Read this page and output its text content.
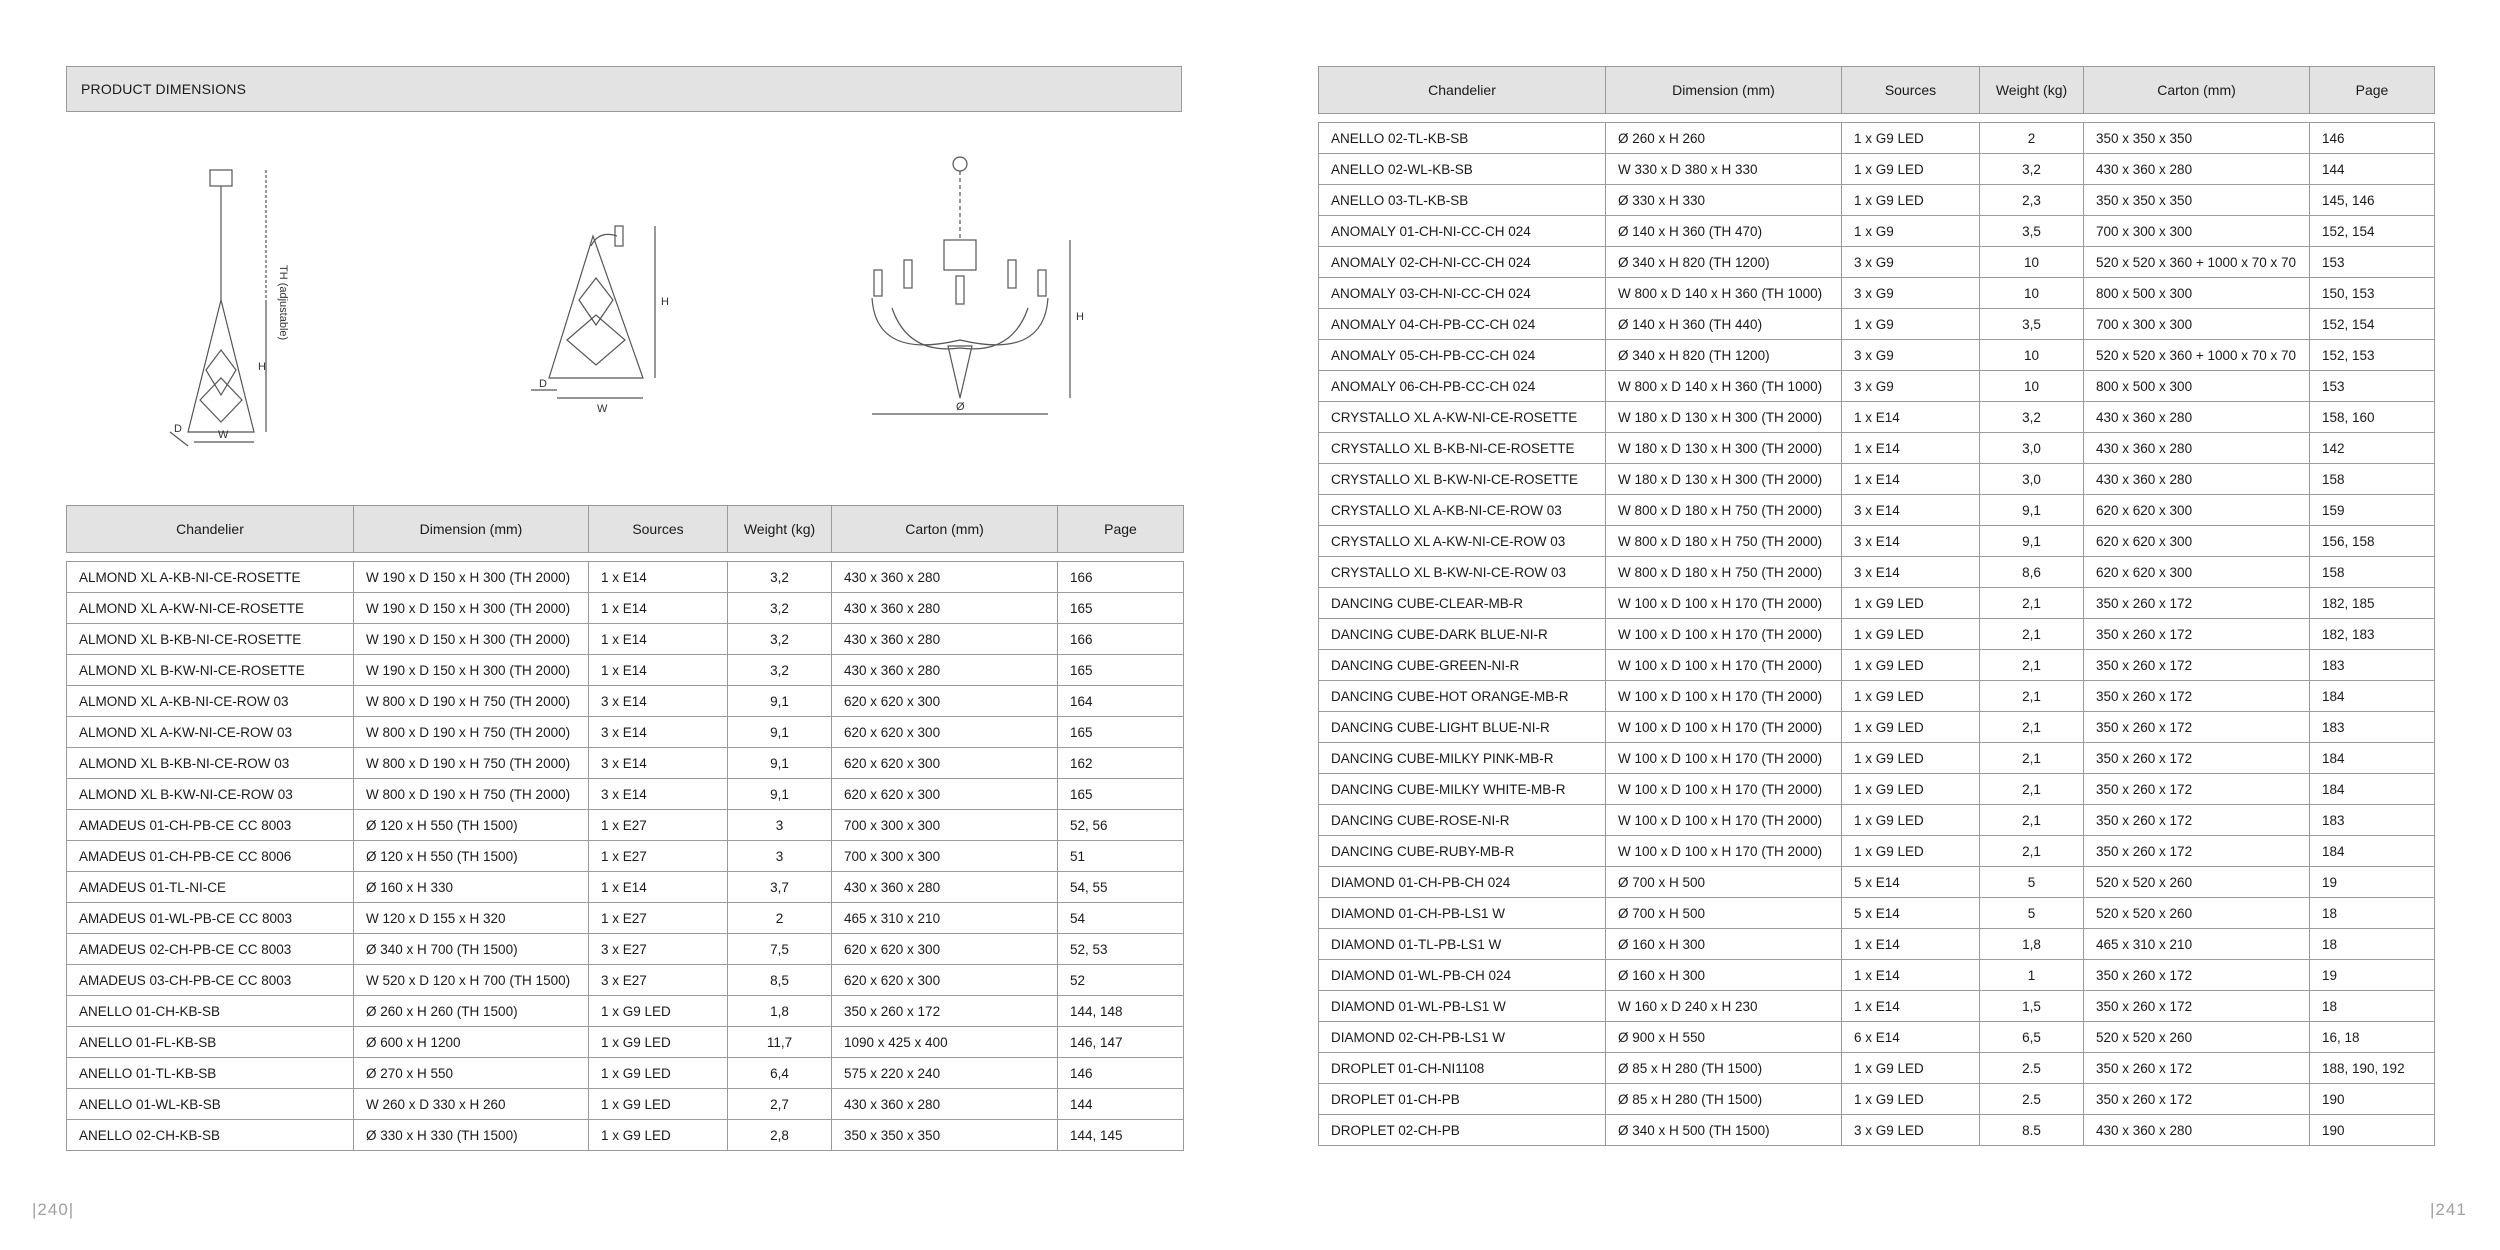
PRODUCT DIMENSIONS
TH (adjustable)
H
W
D
H
D
W
H
Ø
Chandelier	Dimension (mm)	Sources	Weight (kg)	Carton (mm)	Page

ALMOND XL A-KB-NI-CE-ROSETTE	W 190 x D 150 x H 300 (TH 2000)	1 x E14	3,2	430 x 360 x 280	166
ALMOND XL A-KW-NI-CE-ROSETTE	W 190 x D 150 x H 300 (TH 2000)	1 x E14	3,2	430 x 360 x 280	165
ALMOND XL B-KB-NI-CE-ROSETTE	W 190 x D 150 x H 300 (TH 2000)	1 x E14	3,2	430 x 360 x 280	166
ALMOND XL B-KW-NI-CE-ROSETTE	W 190 x D 150 x H 300 (TH 2000)	1 x E14	3,2	430 x 360 x 280	165
ALMOND XL A-KB-NI-CE-ROW 03	W 800 x D 190 x H 750 (TH 2000)	3 x E14	9,1	620 x 620 x 300	164
ALMOND XL A-KW-NI-CE-ROW 03	W 800 x D 190 x H 750 (TH 2000)	3 x E14	9,1	620 x 620 x 300	165
ALMOND XL B-KB-NI-CE-ROW 03	W 800 x D 190 x H 750 (TH 2000)	3 x E14	9,1	620 x 620 x 300	162
ALMOND XL B-KW-NI-CE-ROW 03	W 800 x D 190 x H 750 (TH 2000)	3 x E14	9,1	620 x 620 x 300	165
AMADEUS 01-CH-PB-CE CC 8003	Ø 120 x H 550 (TH 1500)	1 x E27	3	700 x 300 x 300	52, 56
AMADEUS 01-CH-PB-CE CC 8006	Ø 120 x H 550 (TH 1500)	1 x E27	3	700 x 300 x 300	51
AMADEUS 01-TL-NI-CE	Ø 160 x H 330	1 x E14	3,7	430 x 360 x 280	54, 55
AMADEUS 01-WL-PB-CE CC 8003	W 120 x D 155 x H 320	1 x E27	2	465 x 310 x 210	54
AMADEUS 02-CH-PB-CE CC 8003	Ø 340 x H 700 (TH 1500)	3 x E27	7,5	620 x 620 x 300	52, 53
AMADEUS 03-CH-PB-CE CC 8003	W 520 x D 120 x H 700 (TH 1500)	3 x E27	8,5	620 x 620 x 300	52
ANELLO 01-CH-KB-SB	Ø 260 x H 260 (TH 1500)	1 x G9 LED	1,8	350 x 260 x 172	144, 148
ANELLO 01-FL-KB-SB	Ø 600 x H 1200	1 x G9 LED	11,7	1090 x 425 x 400	146, 147
ANELLO 01-TL-KB-SB	Ø 270 x H 550	1 x G9 LED	6,4	575 x 220 x 240	146
ANELLO 01-WL-KB-SB	W 260 x D 330 x H 260	1 x G9 LED	2,7	430 x 360 x 280	144
ANELLO 02-CH-KB-SB	Ø 330 x H 330 (TH 1500)	1 x G9 LED	2,8	350 x 350 x 350	144, 145
Chandelier	Dimension (mm)	Sources	Weight (kg)	Carton (mm)	Page

ANELLO 02-TL-KB-SB	Ø 260 x H 260	1 x G9 LED	2	350 x 350 x 350	146
ANELLO 02-WL-KB-SB	W 330 x D 380 x H 330	1 x G9 LED	3,2	430 x 360 x 280	144
ANELLO 03-TL-KB-SB	Ø 330 x H 330	1 x G9 LED	2,3	350 x 350 x 350	145, 146
ANOMALY 01-CH-NI-CC-CH 024	Ø 140 x H 360 (TH 470)	1 x G9	3,5	700 x 300 x 300	152, 154
ANOMALY 02-CH-NI-CC-CH 024	Ø 340 x H 820 (TH 1200)	3 x G9	10	520 x 520 x 360 + 1000 x 70 x 70	153
ANOMALY 03-CH-NI-CC-CH 024	W 800 x D 140 x H 360 (TH 1000)	3 x G9	10	800 x 500 x 300	150, 153
ANOMALY 04-CH-PB-CC-CH 024	Ø 140 x H 360 (TH 440)	1 x G9	3,5	700 x 300 x 300	152, 154
ANOMALY 05-CH-PB-CC-CH 024	Ø 340 x H 820 (TH 1200)	3 x G9	10	520 x 520 x 360 + 1000 x 70 x 70	152, 153
ANOMALY 06-CH-PB-CC-CH 024	W 800 x D 140 x H 360 (TH 1000)	3 x G9	10	800 x 500 x 300	153
CRYSTALLO XL A-KW-NI-CE-ROSETTE	W 180 x D 130 x H 300 (TH 2000)	1 x E14	3,2	430 x 360 x 280	158, 160
CRYSTALLO XL B-KB-NI-CE-ROSETTE	W 180 x D 130 x H 300 (TH 2000)	1 x E14	3,0	430 x 360 x 280	142
CRYSTALLO XL B-KW-NI-CE-ROSETTE	W 180 x D 130 x H 300 (TH 2000)	1 x E14	3,0	430 x 360 x 280	158
CRYSTALLO XL A-KB-NI-CE-ROW 03	W 800 x D 180 x H 750 (TH 2000)	3 x E14	9,1	620 x 620 x 300	159
CRYSTALLO XL A-KW-NI-CE-ROW 03	W 800 x D 180 x H 750 (TH 2000)	3 x E14	9,1	620 x 620 x 300	156, 158
CRYSTALLO XL B-KW-NI-CE-ROW 03	W 800 x D 180 x H 750 (TH 2000)	3 x E14	8,6	620 x 620 x 300	158
DANCING CUBE-CLEAR-MB-R	W 100 x D 100 x H 170 (TH 2000)	1 x G9 LED	2,1	350 x 260 x 172	182, 185
DANCING CUBE-DARK BLUE-NI-R	W 100 x D 100 x H 170 (TH 2000)	1 x G9 LED	2,1	350 x 260 x 172	182, 183
DANCING CUBE-GREEN-NI-R	W 100 x D 100 x H 170 (TH 2000)	1 x G9 LED	2,1	350 x 260 x 172	183
DANCING CUBE-HOT ORANGE-MB-R	W 100 x D 100 x H 170 (TH 2000)	1 x G9 LED	2,1	350 x 260 x 172	184
DANCING CUBE-LIGHT BLUE-NI-R	W 100 x D 100 x H 170 (TH 2000)	1 x G9 LED	2,1	350 x 260 x 172	183
DANCING CUBE-MILKY PINK-MB-R	W 100 x D 100 x H 170 (TH 2000)	1 x G9 LED	2,1	350 x 260 x 172	184
DANCING CUBE-MILKY WHITE-MB-R	W 100 x D 100 x H 170 (TH 2000)	1 x G9 LED	2,1	350 x 260 x 172	184
DANCING CUBE-ROSE-NI-R	W 100 x D 100 x H 170 (TH 2000)	1 x G9 LED	2,1	350 x 260 x 172	183
DANCING CUBE-RUBY-MB-R	W 100 x D 100 x H 170 (TH 2000)	1 x G9 LED	2,1	350 x 260 x 172	184
DIAMOND 01-CH-PB-CH 024	Ø 700 x H 500	5 x E14	5	520 x 520 x 260	19
DIAMOND 01-CH-PB-LS1 W	Ø 700 x H 500	5 x E14	5	520 x 520 x 260	18
DIAMOND 01-TL-PB-LS1 W	Ø 160 x H 300	1 x E14	1,8	465 x 310 x 210	18
DIAMOND 01-WL-PB-CH 024	Ø 160 x H 300	1 x E14	1	350 x 260 x 172	19
DIAMOND 01-WL-PB-LS1 W	W 160 x D 240 x H 230	1 x E14	1,5	350 x 260 x 172	18
DIAMOND 02-CH-PB-LS1 W	Ø 900 x H 550	6 x E14	6,5	520 x 520 x 260	16, 18
DROPLET 01-CH-NI1108	Ø 85 x H 280 (TH 1500)	1 x G9 LED	2.5	350 x 260 x 172	188, 190, 192
DROPLET 01-CH-PB	Ø 85 x H 280 (TH 1500)	1 x G9 LED	2.5	350 x 260 x 172	190
DROPLET 02-CH-PB	Ø 340 x H 500 (TH 1500)	3 x G9 LED	8.5	430 x 360 x 280	190
|240|	|241
